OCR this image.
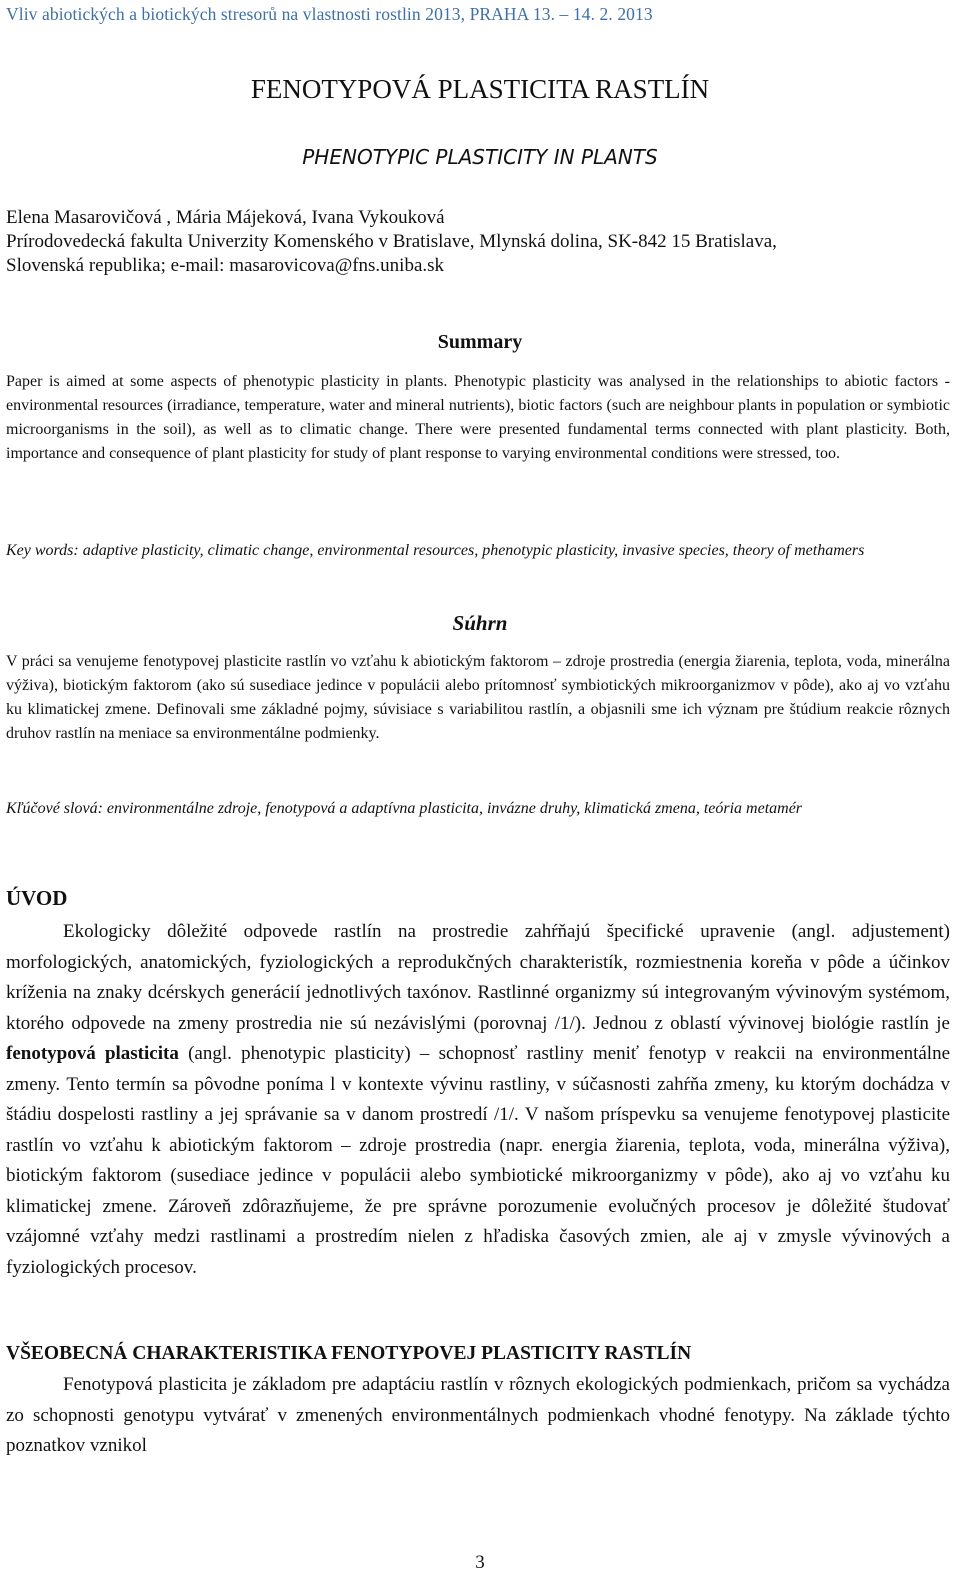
Vliv abiotických a biotických stresorů na vlastnosti rostlin 2013, PRAHA 13. – 14. 2. 2013
FENOTYPOVÁ PLASTICITA RASTLÍN
PHENOTYPIC PLASTICITY IN PLANTS
Elena Masarovičová , Mária Májeková, Ivana Vykouková
Prírodovedecká fakulta Univerzity Komenského v Bratislave, Mlynská dolina, SK-842 15 Bratislava,
Slovenská republika; e-mail: masarovicova@fns.uniba.sk
Summary
Paper is aimed at some aspects of phenotypic plasticity in plants. Phenotypic plasticity was analysed in the relationships to abiotic factors - environmental resources (irradiance, temperature, water and mineral nutrients), biotic factors (such are neighbour plants in population or symbiotic microorganisms in the soil), as well as to climatic change. There were presented fundamental terms connected with plant plasticity. Both, importance and consequence of plant plasticity for study of plant response to varying environmental conditions were stressed, too.
Key words: adaptive plasticity, climatic change, environmental resources, phenotypic plasticity, invasive species, theory of methamers
Súhrn
V práci sa venujeme fenotypovej plasticite rastlín vo vzťahu k abiotickým faktorom – zdroje prostredia (energia žiarenia, teplota, voda, minerálna výživa), biotickým faktorom (ako sú susediace jedince v populácii alebo prítomnosť symbiotických mikroorganizmov v pôde), ako aj vo vzťahu ku klimatickej zmene. Definovali sme základné pojmy, súvisiace s variabilitou rastlín, a objasnili sme ich význam pre štúdium reakcie rôznych druhov rastlín na meniace sa environmentálne podmienky.
Kľúčové slová: environmentálne zdroje, fenotypová a adaptívna plasticita, invázne druhy, klimatická zmena, teória metamér
ÚVOD

Ekologicky dôležité odpovede rastlín na prostredie zahŕňajú špecifické upravenie (angl. adjustement) morfologických, anatomických, fyziologických a reprodukčných charakteristík, rozmiestnenia koreňa v pôde a účinkov kríženia na znaky dcérskych generácií jednotlivých taxónov. Rastlinné organizmy sú integrovaným vývinovým systémom, ktorého odpovede na zmeny prostredia nie sú nezávislými (porovnaj /1/). Jednou z oblastí vývinovej biológie rastlín je fenotypová plasticita (angl. phenotypic plasticity) – schopnosť rastliny meniť fenotyp v reakcii na environmentálne zmeny. Tento termín sa pôvodne poníma l v kontexte vývinu rastliny, v súčasnosti zahŕňa zmeny, ku ktorým dochádza v štádiu dospelosti rastliny a jej správanie sa v danom prostredí /1/. V našom príspevku sa venujeme fenotypovej plasticite rastlín vo vzťahu k abiotickým faktorom – zdroje prostredia (napr. energia žiarenia, teplota, voda, minerálna výživa), biotickým faktorom (susediace jedince v populácii alebo symbiotické mikroorganizmy v pôde), ako aj vo vzťahu ku klimatickej zmene. Zároveň zdôrazňujeme, že pre správne porozumenie evolučných procesov je dôležité študovať vzájomné vzťahy medzi rastlinami a prostredím nielen z hľadiska časových zmien, ale aj v zmysle vývinových a fyziologických procesov.

VŠEOBECNÁ CHARAKTERISTIKA FENOTYPOVEJ PLASTICITY RASTLÍN

Fenotypová plasticita je základom pre adaptáciu rastlín v rôznych ekologických podmienkach, pričom sa vychádza zo schopnosti genotypu vytvárať v zmenených environmentálnych podmienkach vhodné fenotypy. Na základe týchto poznatkov vznikol

3
